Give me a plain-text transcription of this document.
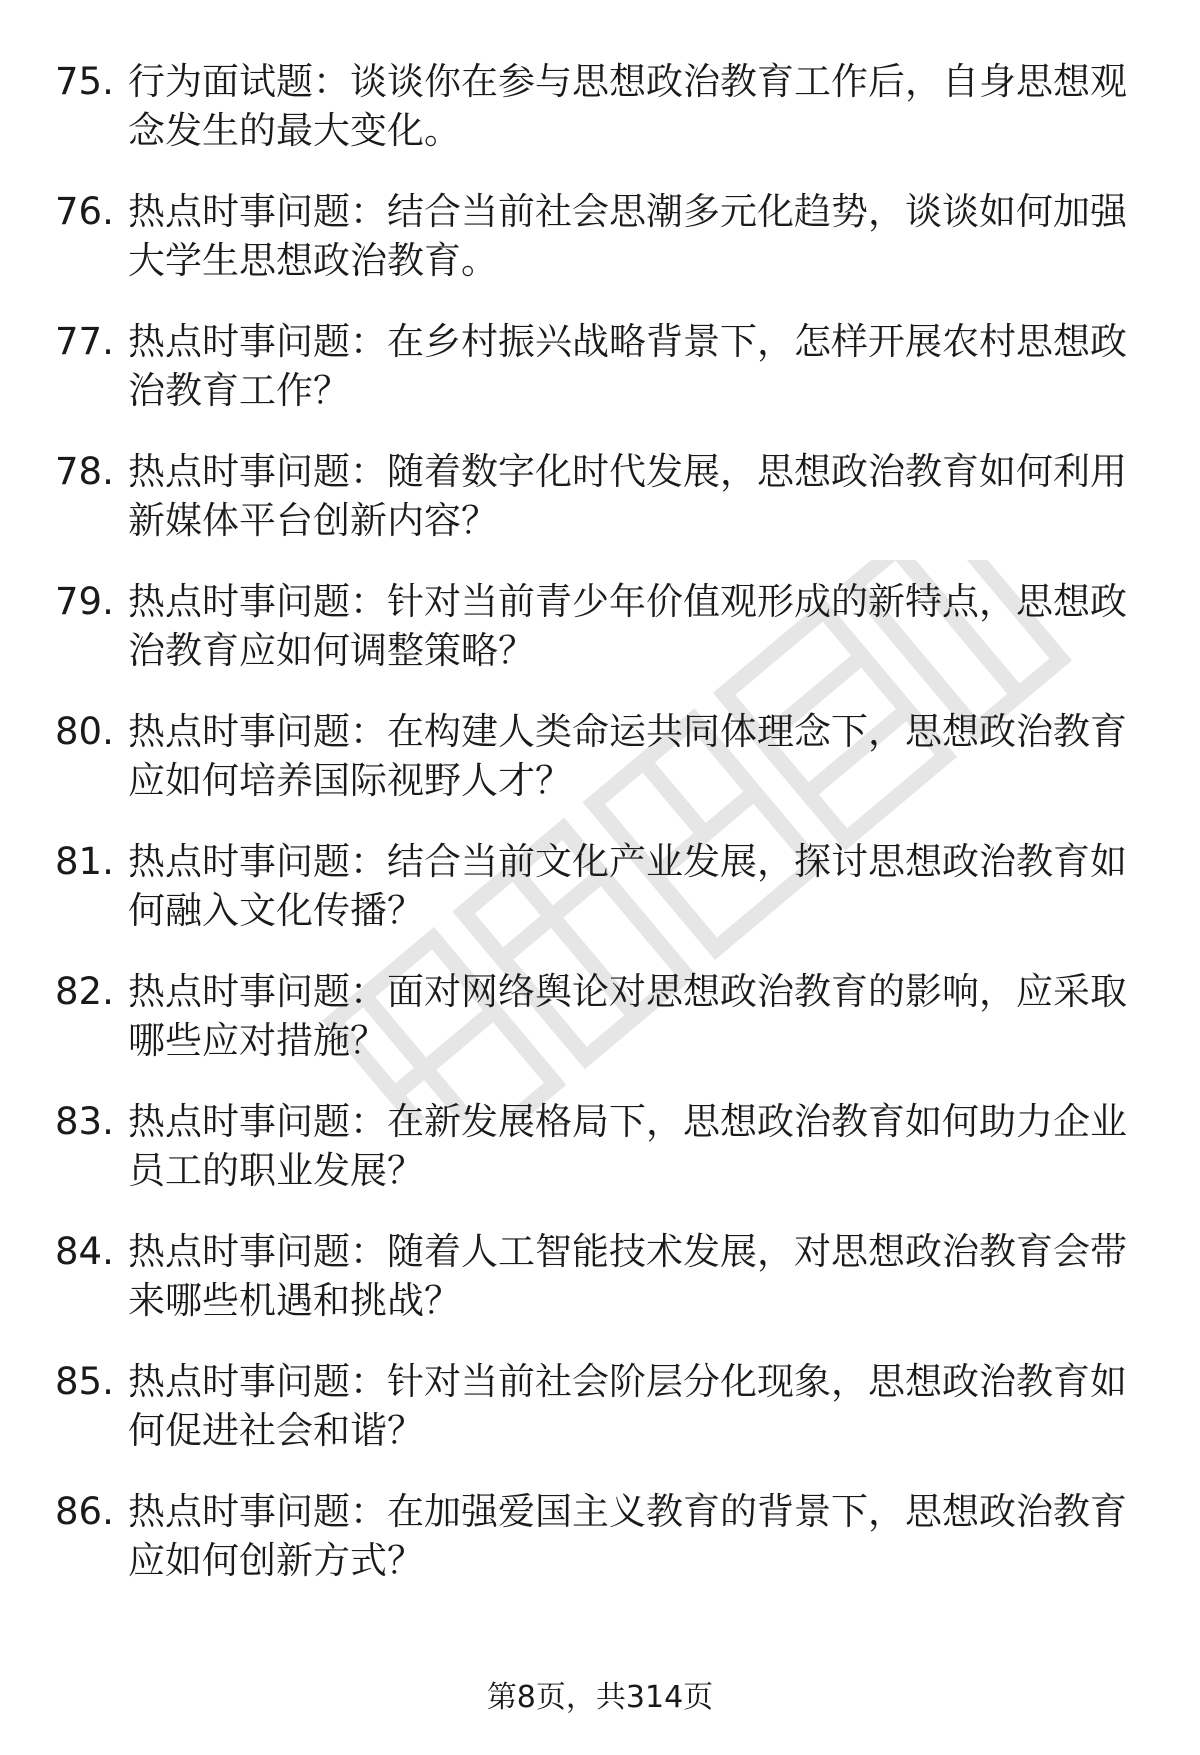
75. 行为面试题：谈谈你在参与思想政治教育工作后，自身思想观念发生的最大变化。
76. 热点时事问题：结合当前社会思潮多元化趋势，谈谈如何加强大学生思想政治教育。
77. 热点时事问题：在乡村振兴战略背景下，怎样开展农村思想政治教育工作？
78. 热点时事问题：随着数字化时代发展，思想政治教育如何利用新媒体平台创新内容？
79. 热点时事问题：针对当前青少年价值观形成的新特点，思想政治教育应如何调整策略？
80. 热点时事问题：在构建人类命运共同体理念下，思想政治教育应如何培养国际视野人才？
81. 热点时事问题：结合当前文化产业发展，探讨思想政治教育如何融入文化传播？
82. 热点时事问题：面对网络舆论对思想政治教育的影响，应采取哪些应对措施？
83. 热点时事问题：在新发展格局下，思想政治教育如何助力企业员工的职业发展？
84. 热点时事问题：随着人工智能技术发展，对思想政治教育会带来哪些机遇和挑战？
85. 热点时事问题：针对当前社会阶层分化现象，思想政治教育如何促进社会和谐？
86. 热点时事问题：在加强爱国主义教育的背景下，思想政治教育应如何创新方式？
第8页，共314页
